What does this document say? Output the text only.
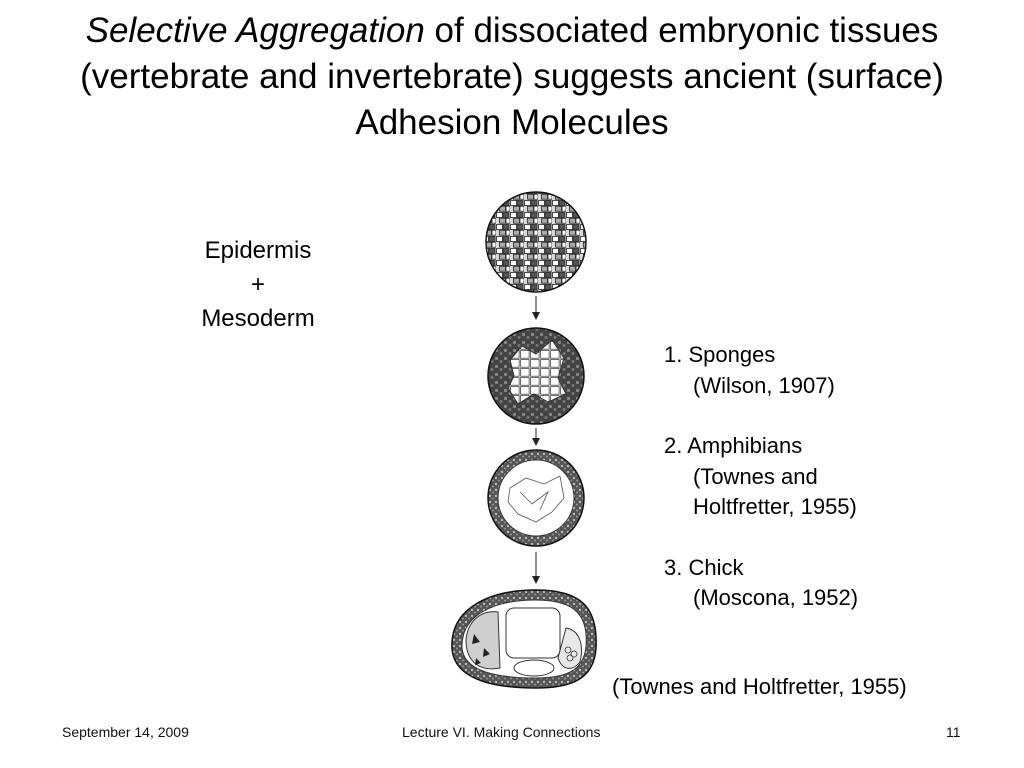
Selective Aggregation of dissociated embryonic tissues
(vertebrate and invertebrate) suggests ancient (surface)
Adhesion Molecules
Epidermis
+
Mesoderm
1. Sponges
(Wilson, 1907)
2. Amphibians
(Townes and
Holtfretter, 1955)
3. Chick
(Moscona, 1952)
(Townes and Holtfretter, 1955)
September 14, 2009	Lecture VI. Making Connections	11
